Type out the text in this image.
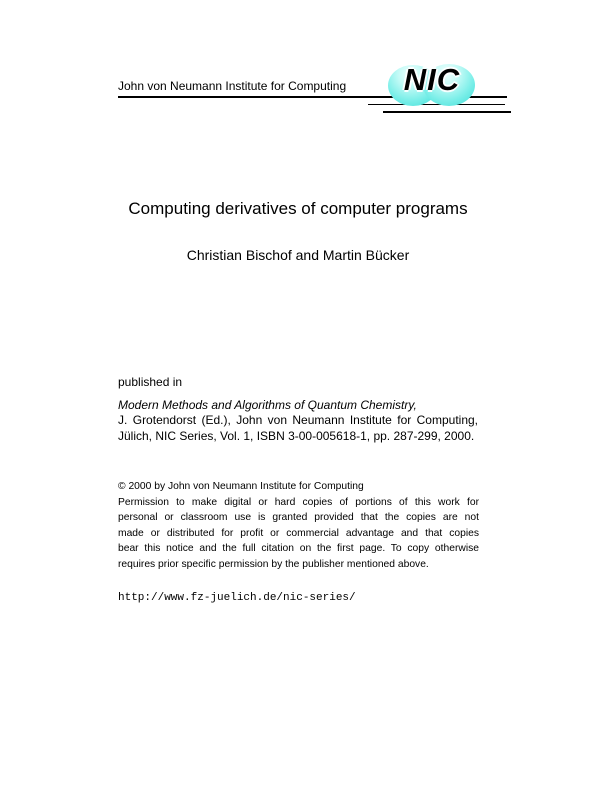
John von Neumann Institute for Computing	NIC
Computing derivatives of computer programs
Christian Bischof and Martin Bücker
published in
Modern Methods and Algorithms of Quantum Chemistry,
J. Grotendorst (Ed.), John von Neumann Institute for Computing,
Jülich, NIC Series, Vol. 1, ISBN 3-00-005618-1, pp. 287-299, 2000.
© 2000 by John von Neumann Institute for Computing
Permission to make digital or hard copies of portions of this work for
personal or classroom use is granted provided that the copies are not
made or distributed for profit or commercial advantage and that copies
bear this notice and the full citation on the first page. To copy otherwise
requires prior specific permission by the publisher mentioned above.
http://www.fz-juelich.de/nic-series/
